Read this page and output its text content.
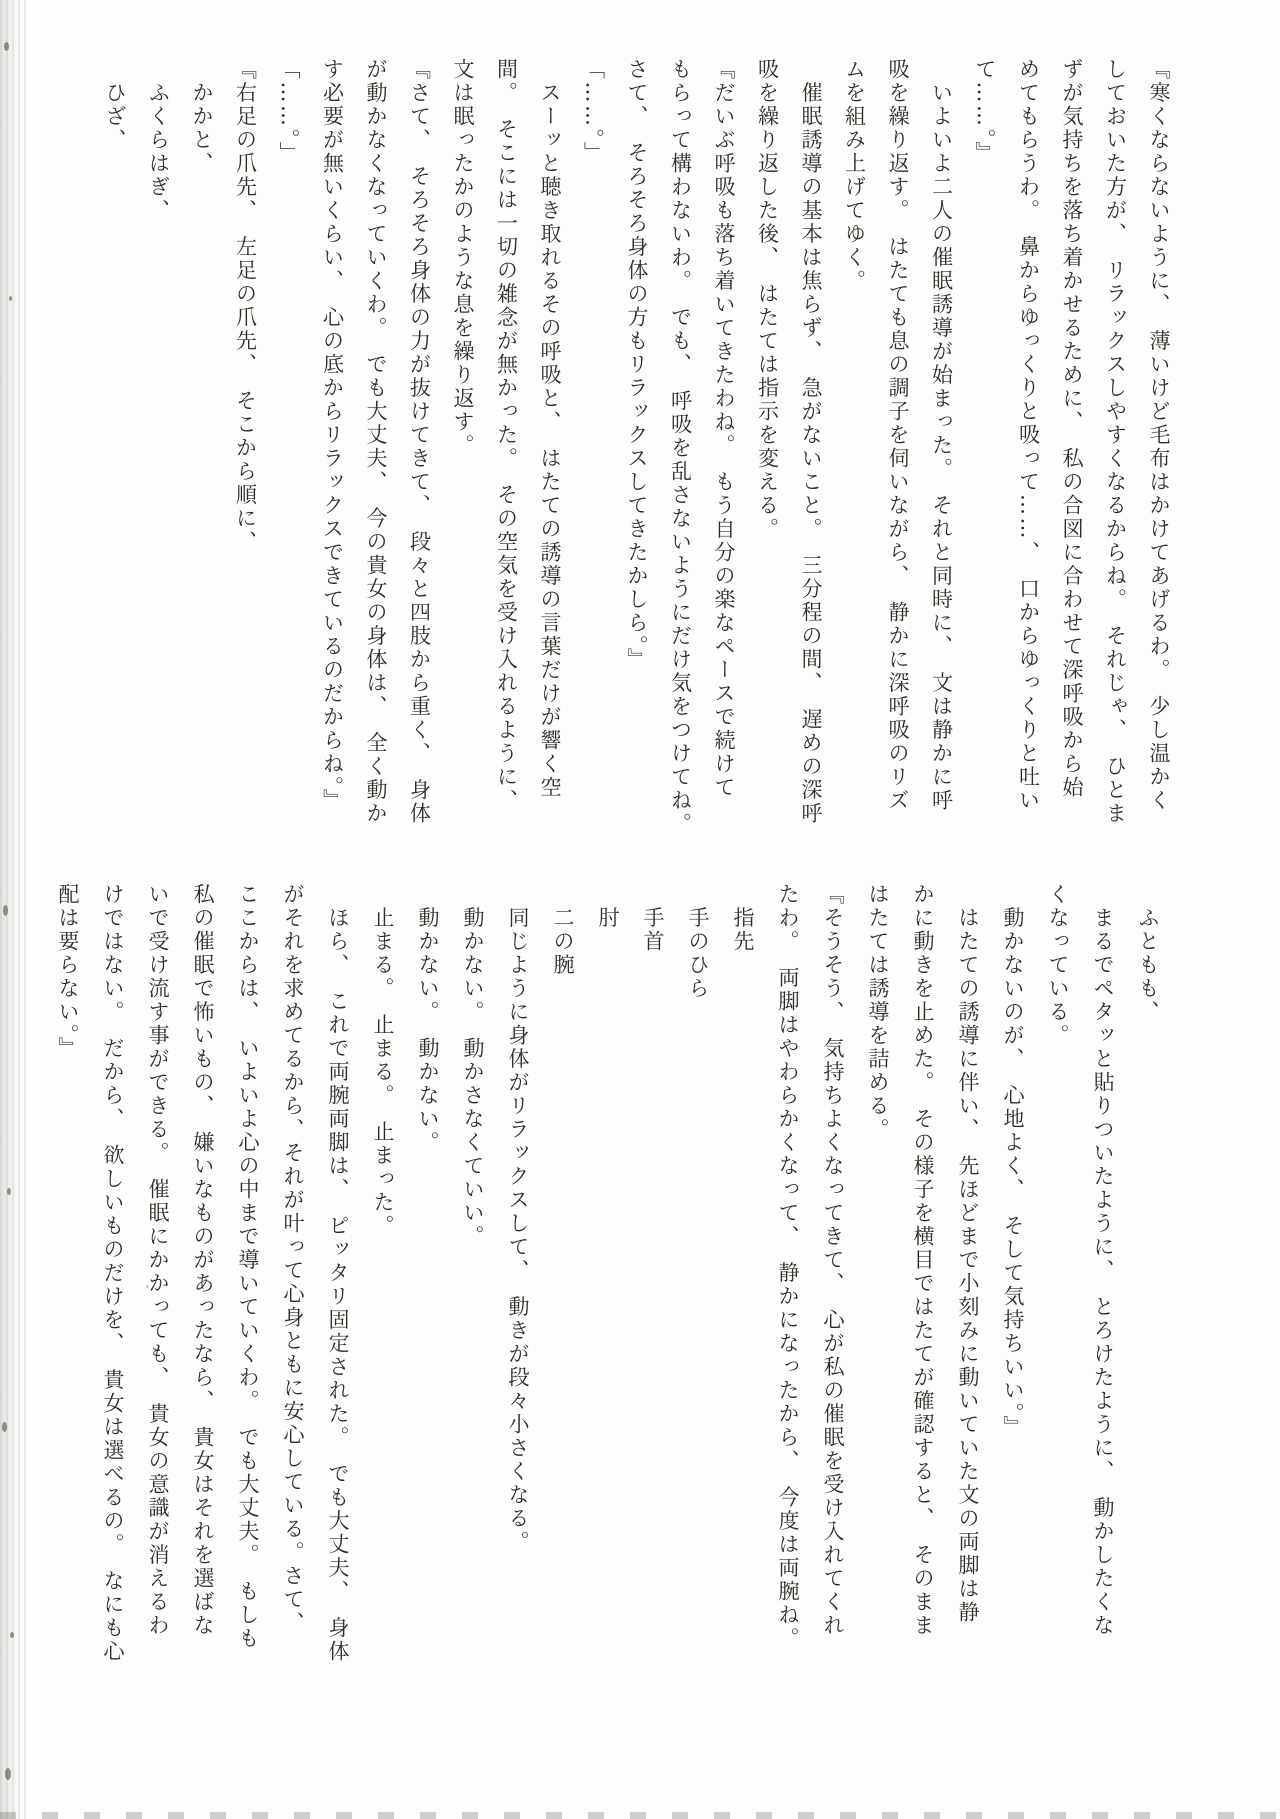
『寒くならないように、　薄いけど毛布はかけてあげるわ。　少し温かく

しておいた方が、　リラックスしやすくなるからね。　それじゃ、　ひとま

ずが気持ちを落ち着かせるために、　私の合図に合わせて深呼吸から始

めてもらうわ。　鼻からゆっくりと吸って……、　口からゆっくりと吐い

て……。』

　いよいよ二人の催眠誘導が始まった。　それと同時に、　文は静かに呼

吸を繰り返す。　はたても息の調子を伺いながら、　静かに深呼吸のリズ

ムを組み上げてゆく。

　催眠誘導の基本は焦らず、　急がないこと。　三分程の間、　遅めの深呼

吸を繰り返した後、　はたては指示を変える。

『だいぶ呼吸も落ち着いてきたわね。　もう自分の楽なペースで続けて

もらって構わないわ。　でも、　呼吸を乱さないようにだけ気をつけてね。

さて、　そろそろ身体の方もリラックスしてきたかしら。』

「……。」

　スーッと聴き取れるその呼吸と、　はたての誘導の言葉だけが響く空

間。　そこには一切の雑念が無かった。　その空気を受け入れるように、

文は眠ったかのような息を繰り返す。

『さて、　そろそろ身体の力が抜けてきて、　段々と四肢から重く、　身体

が動かなくなっていくわ。　でも大丈夫、　今の貴女の身体は、　全く動か

す必要が無いくらい、　心の底からリラックスできているのだからね。』

「……。」

『右足の爪先、　左足の爪先、　そこから順に、

　かかと、

　ふくらはぎ、

　ひざ、

　ふともも、

　まるでペタッと貼りついたように、　とろけたように、　動かしたくな

くなっている。

　動かないのが、　心地よく、　そして気持ちいい。』

　はたての誘導に伴い、　先ほどまで小刻みに動いていた文の両脚は静

かに動きを止めた。　その様子を横目ではたてが確認すると、　そのまま

はたては誘導を詰める。

『そうそう、　気持ちよくなってきて、　心が私の催眠を受け入れてくれ

たわ。　両脚はやわらかくなって、　静かになったから、　今度は両腕ね。

　指先

　手のひら

　手首

　肘

　二の腕

　同じように身体がリラックスして、　動きが段々小さくなる。

　動かない。　動かさなくていい。

　動かない。　動かない。

　止まる。　止まる。　止まった。

　ほら、　これで両腕両脚は、　ピッタリ固定された。　でも大丈夫、　身体

がそれを求めてるから、それが叶って心身ともに安心している。さて、

ここからは、　いよいよ心の中まで導いていくわ。　でも大丈夫。　もしも

私の催眠で怖いもの、　嫌いなものがあったなら、　貴女はそれを選ばな

いで受け流す事ができる。　催眠にかかっても、　貴女の意識が消えるわ

けではない。　だから、　欲しいものだけを、　貴女は選べるの。　なにも心

配は要らない。』
